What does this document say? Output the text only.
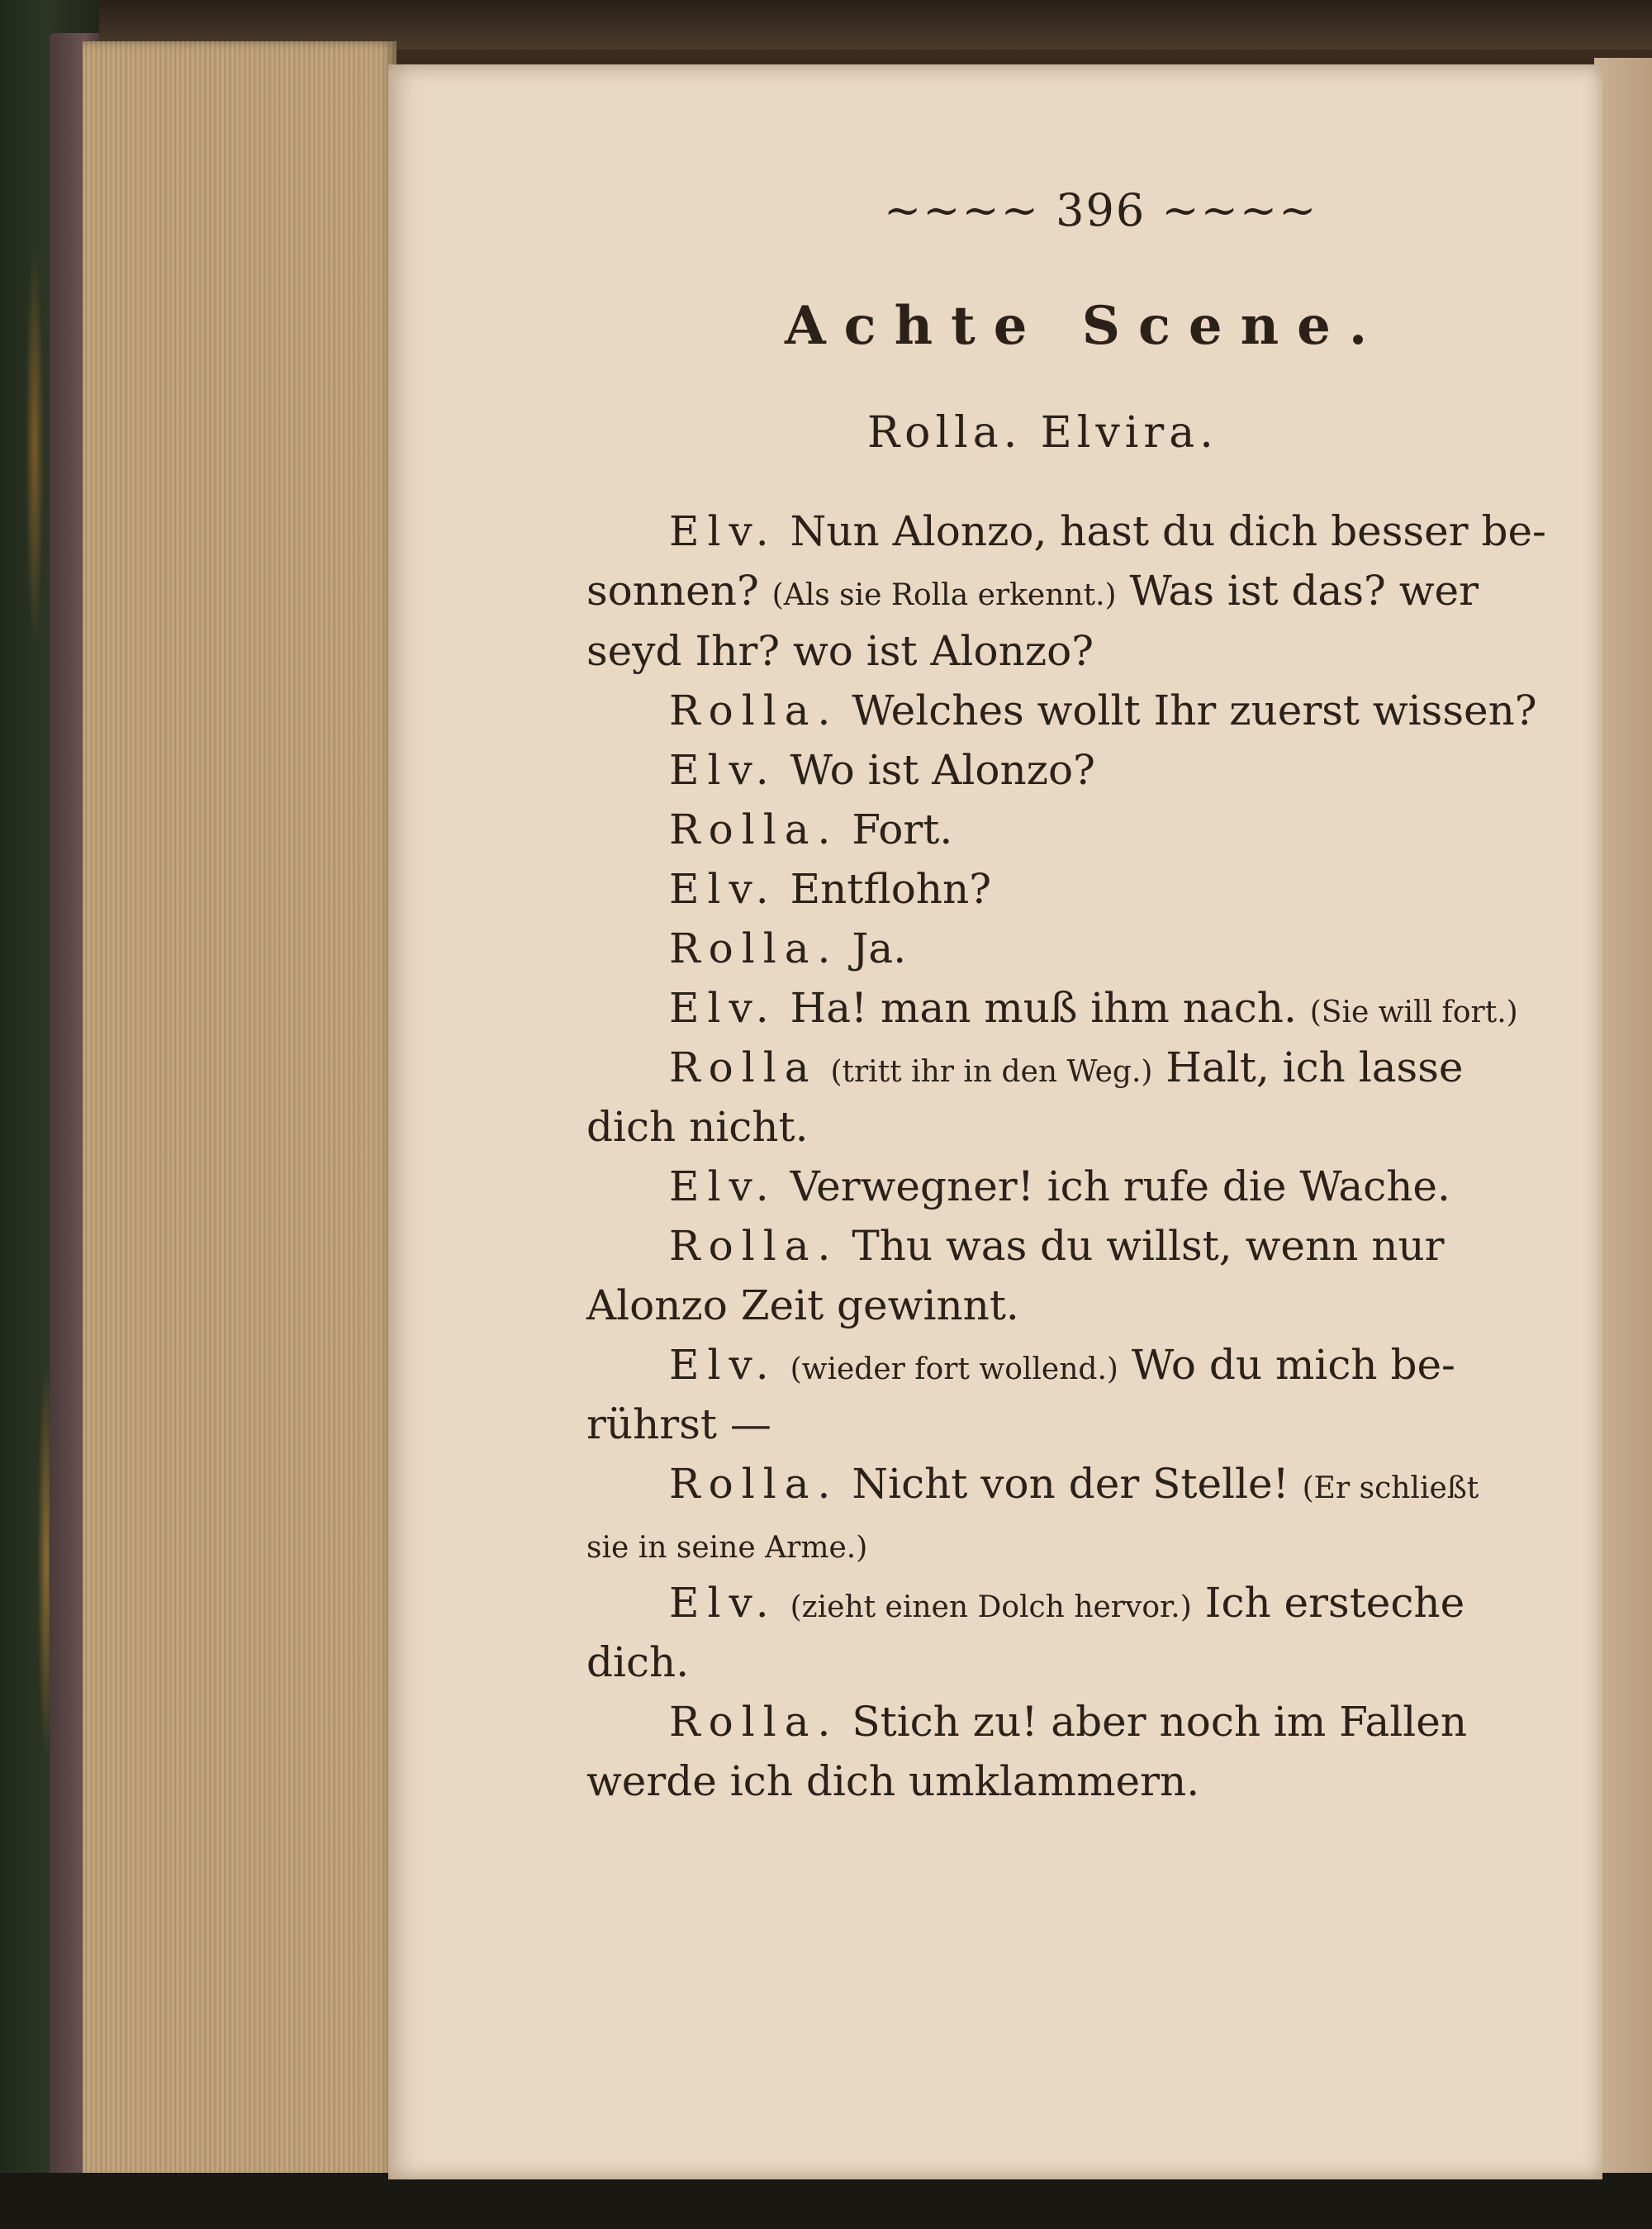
~~~~ 396 ~~~~
Achte Scene.
Rolla. Elvira.
Elv. Nun Alonzo, hast du dich besser be-
sonnen? (Als sie Rolla erkennt.) Was ist das? wer
seyd Ihr? wo ist Alonzo?
Rolla. Welches wollt Ihr zuerst wissen?
Elv. Wo ist Alonzo?
Rolla. Fort.
Elv. Entflohn?
Rolla. Ja.
Elv. Ha! man muß ihm nach. (Sie will fort.)
Rolla (tritt ihr in den Weg.) Halt, ich lasse
dich nicht.
Elv. Verwegner! ich rufe die Wache.
Rolla. Thu was du willst, wenn nur
Alonzo Zeit gewinnt.
Elv. (wieder fort wollend.) Wo du mich be-
rührst —
Rolla. Nicht von der Stelle! (Er schließt
sie in seine Arme.)
Elv. (zieht einen Dolch hervor.) Ich ersteche
dich.
Rolla. Stich zu! aber noch im Fallen
werde ich dich umklammern.
